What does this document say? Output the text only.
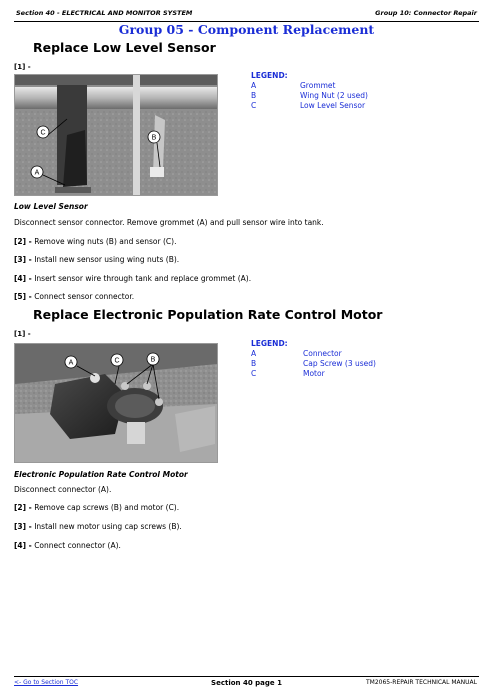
Section 40 - ELECTRICAL AND MONITOR SYSTEM	Group 10: Connector Repair
Group 05 - Component Replacement
Replace Low Level Sensor
[1] -
C
A
B
LEGEND:
A	Grommet
B	Wing Nut (2 used)
C	Low Level Sensor
Low Level Sensor
Disconnect sensor connector. Remove grommet (A) and pull sensor wire into tank.
[2] - Remove wing nuts (B) and sensor (C).
[3] - Install new sensor using wing nuts (B).
[4] - Insert sensor wire through tank and replace grommet (A).
[5] - Connect sensor connector.
Replace Electronic Population Rate Control Motor
[1] -
A	C	B
LEGEND:
A	Connector
B	Cap Screw (3 used)
C	Motor
Electronic Population Rate Control Motor
Disconnect connector (A).
[2] - Remove cap screws (B) and motor (C).
[3] - Install new motor using cap screws (B).
[4] - Connect connector (A).
<- Go to Section TOC	Section 40 page 1	TM2065-REPAIR TECHNICAL MANUAL
